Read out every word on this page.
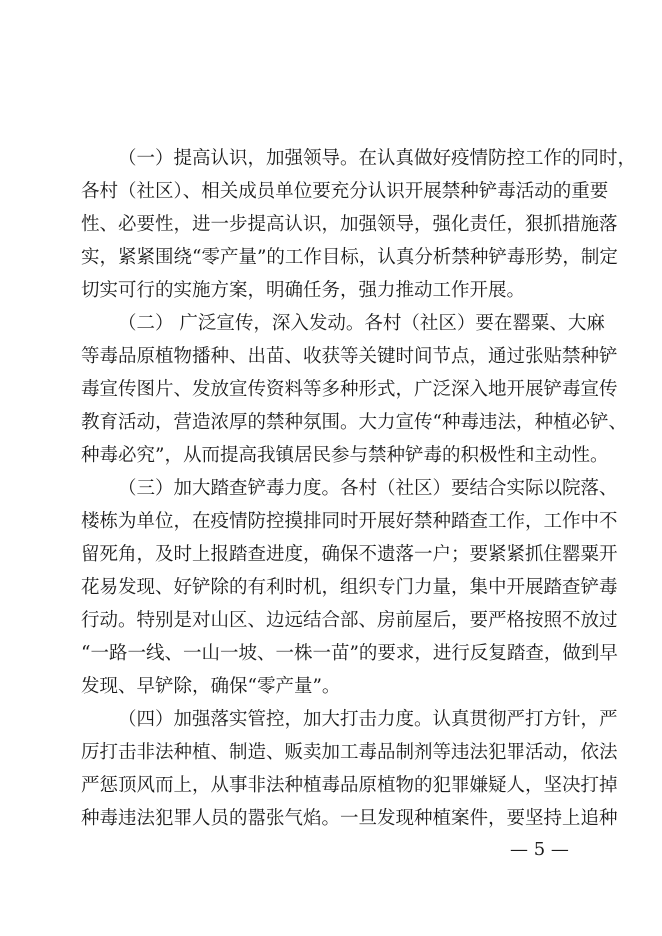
（一）提高认识，加强领导。在认真做好疫情防控工作的同时，
各村（社区）、相关成员单位要充分认识开展禁种铲毒活动的重要
性、必要性，进一步提高认识，加强领导，强化责任，狠抓措施落
实，紧紧围绕“零产量”的工作目标，认真分析禁种铲毒形势，制定
切实可行的实施方案，明确任务，强力推动工作开展。
（二） 广泛宣传，深入发动。各村（社区）要在罂粟、大麻
等毒品原植物播种、出苗、收获等关键时间节点，通过张贴禁种铲
毒宣传图片、发放宣传资料等多种形式，广泛深入地开展铲毒宣传
教育活动，营造浓厚的禁种氛围。大力宣传“种毒违法，种植必铲、
种毒必究”，从而提高我镇居民参与禁种铲毒的积极性和主动性。
（三）加大踏查铲毒力度。各村（社区）要结合实际以院落、
楼栋为单位，在疫情防控摸排同时开展好禁种踏查工作，工作中不
留死角，及时上报踏查进度，确保不遗落一户；要紧紧抓住罂粟开
花易发现、好铲除的有利时机，组织专门力量，集中开展踏查铲毒
行动。特别是对山区、边远结合部、房前屋后，要严格按照不放过
“一路一线、一山一坡、一株一苗”的要求，进行反复踏查，做到早
发现、早铲除，确保“零产量”。
（四）加强落实管控，加大打击力度。认真贯彻严打方针，严
厉打击非法种植、制造、贩卖加工毒品制剂等违法犯罪活动，依法
严惩顶风而上，从事非法种植毒品原植物的犯罪嫌疑人，坚决打掉
种毒违法犯罪人员的嚣张气焰。一旦发现种植案件，要坚持上追种
— 5 —
